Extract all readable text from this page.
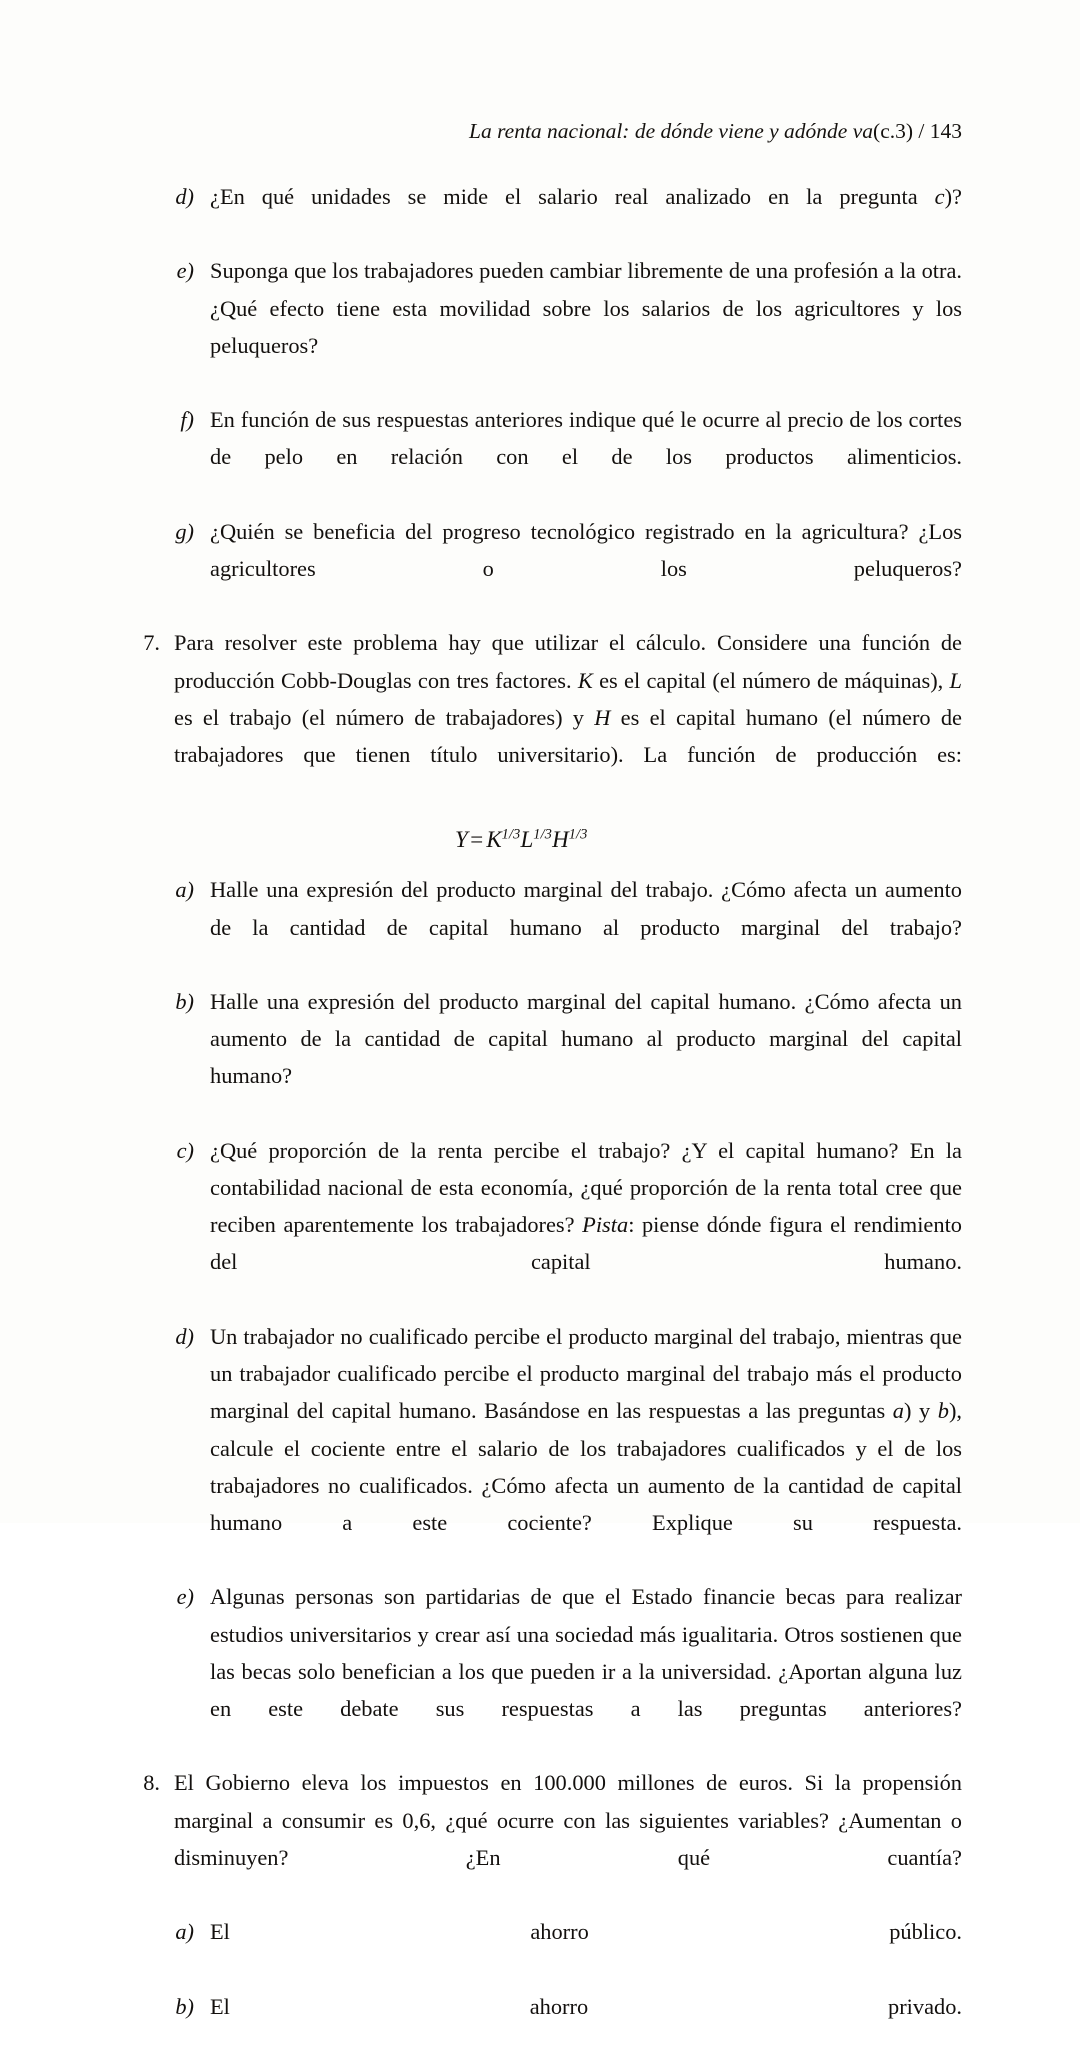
La renta nacional: de dónde viene y adónde va(c.3) / 143
d) ¿En qué unidades se mide el salario real analizado en la pregunta c)?
e) Suponga que los trabajadores pueden cambiar libremente de una profesión a la otra. ¿Qué efecto tiene esta movilidad sobre los salarios de los agricultores y los peluqueros?
f) En función de sus respuestas anteriores indique qué le ocurre al precio de los cortes de pelo en relación con el de los productos alimenticios.
g) ¿Quién se beneficia del progreso tecnológico registrado en la agricultura? ¿Los agricultores o los peluqueros?
7. Para resolver este problema hay que utilizar el cálculo. Considere una función de producción Cobb-Douglas con tres factores. K es el capital (el número de máquinas), L es el trabajo (el número de trabajadores) y H es el capital humano (el número de trabajadores que tienen título universitario). La función de producción es:
$Y=K^{1/3}L^{1/3}H^{1/3}$
a) Halle una expresión del producto marginal del trabajo. ¿Cómo afecta un aumento de la cantidad de capital humano al producto marginal del trabajo?
b) Halle una expresión del producto marginal del capital humano. ¿Cómo afecta un aumento de la cantidad de capital humano al producto marginal del capital humano?
c) ¿Qué proporción de la renta percibe el trabajo? ¿Y el capital humano? En la contabilidad nacional de esta economía, ¿qué proporción de la renta total cree que reciben aparentemente los trabajadores? Pista: piense dónde figura el rendimiento del capital humano.
d) Un trabajador no cualificado percibe el producto marginal del trabajo, mientras que un trabajador cualificado percibe el producto marginal del trabajo más el producto marginal del capital humano. Basándose en las respuestas a las preguntas a) y b), calcule el cociente entre el salario de los trabajadores cualificados y el de los trabajadores no cualificados. ¿Cómo afecta un aumento de la cantidad de capital humano a este cociente? Explique su respuesta.
e) Algunas personas son partidarias de que el Estado financie becas para realizar estudios universitarios y crear así una sociedad más igualitaria. Otros sostienen que las becas solo benefician a los que pueden ir a la universidad. ¿Aportan alguna luz en este debate sus respuestas a las preguntas anteriores?
8. El Gobierno eleva los impuestos en 100.000 millones de euros. Si la propensión marginal a consumir es 0,6, ¿qué ocurre con las siguientes variables? ¿Aumentan o disminuyen? ¿En qué cuantía?
a) El ahorro público.
b) El ahorro privado.
